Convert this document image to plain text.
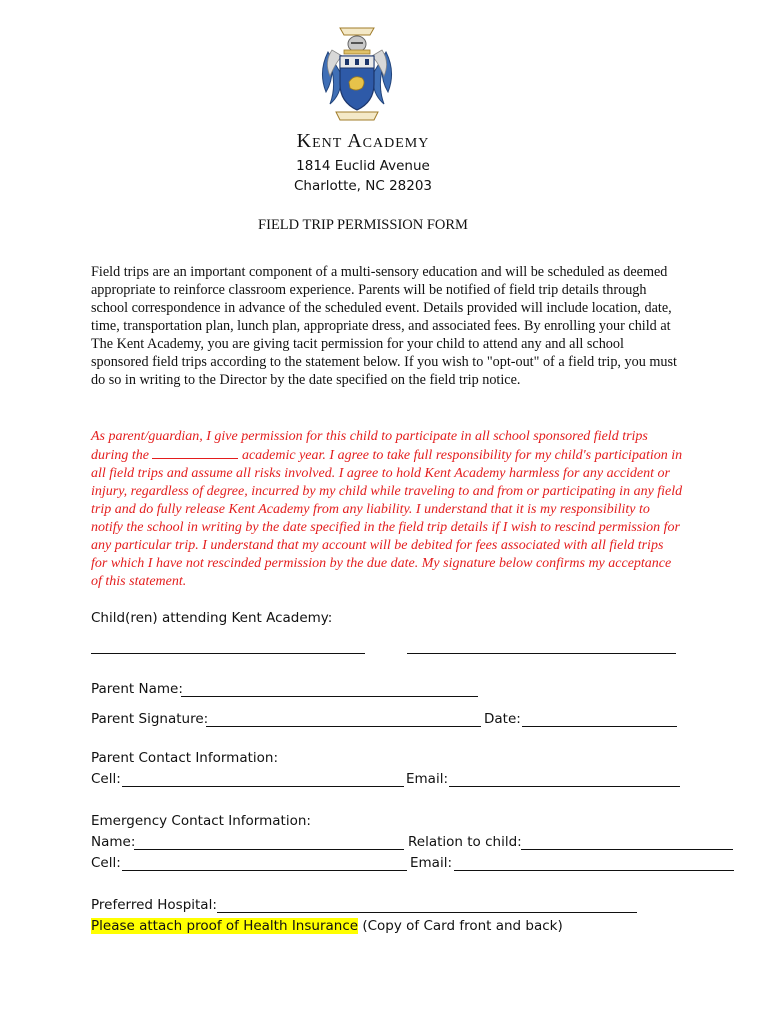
Kent Academy
1814 Euclid Avenue
Charlotte, NC 28203
FIELD TRIP PERMISSION FORM

Field trips are an important component of a multi-sensory education and will be scheduled as deemed appropriate to reinforce classroom experience. Parents will be notified of field trip details through school correspondence in advance of the scheduled event. Details provided will include location, date, time, transportation plan, lunch plan, appropriate dress, and associated fees. By enrolling your child at The Kent Academy, you are giving tacit permission for your child to attend any and all school sponsored field trips according to the statement below. If you wish to "opt-out" of a field trip, you must do so in writing to the Director by the date specified on the field trip notice.

As parent/guardian, I give permission for this child to participate in all school sponsored field trips during the	academic year. I agree to take full responsibility for my child's participation in all field trips and assume all risks involved. I agree to hold Kent Academy harmless for any accident or injury, regardless of degree, incurred by my child while traveling to and from or participating in any field trip and do fully release Kent Academy from any liability. I understand that it is my responsibility to notify the school in writing by the date specified in the field trip details if I wish to rescind permission for any particular trip. I understand that my account will be debited for fees associated with all field trips for which I have not rescinded permission by the due date. My signature below confirms my acceptance of this statement.

Child(ren) attending Kent Academy:
Parent Name:
Parent Signature:	Date:
Parent Contact Information:
Cell:	Email:
Emergency Contact Information:
Name:	Relation to child:
Cell:	Email:
Preferred Hospital:
Please attach proof of Health Insurance (Copy of Card front and back)
